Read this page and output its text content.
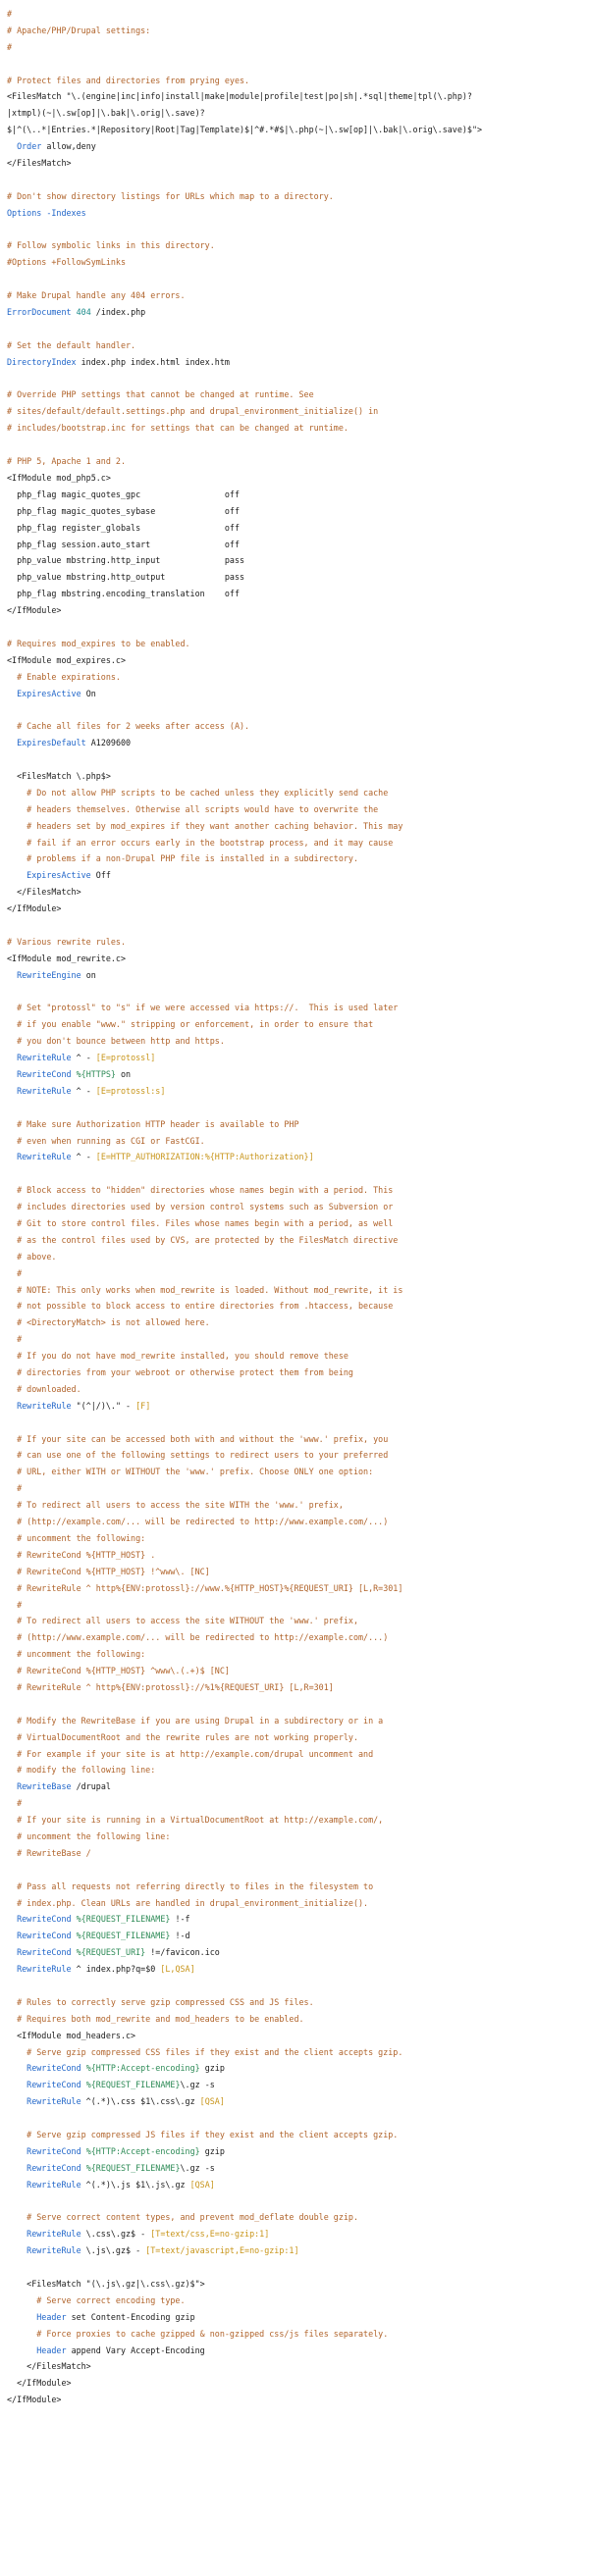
#
# Apache/PHP/Drupal settings:
#
# Protect files and directories from prying eyes.
<FilesMatch "\.(engine|inc|info|install|make|module|profile|test|po|sh|.*sql|theme|tpl(\.php)?
|xtmpl)(~|\.sw[op]|\.bak|\.orig|\.save)?
$|^(\..*|Entries.*|Repository|Root|Tag|Template)$|^#.*#$|\.php(~|\.sw[op]|\.bak|\.orig\.save)$">
Order allow,deny
</FilesMatch>
# Don't show directory listings for URLs which map to a directory.
Options -Indexes
# Follow symbolic links in this directory.
#Options +FollowSymLinks
# Make Drupal handle any 404 errors.
ErrorDocument 404 /index.php
# Set the default handler.
DirectoryIndex index.php index.html index.htm
# Override PHP settings that cannot be changed at runtime. See
# sites/default/default.settings.php and drupal_environment_initialize() in
# includes/bootstrap.inc for settings that can be changed at runtime.
# PHP 5, Apache 1 and 2.
<IfModule mod_php5.c>
php_flag magic_quotes_gpc                 off
php_flag magic_quotes_sybase              off
php_flag register_globals                 off
php_flag session.auto_start               off
php_value mbstring.http_input             pass
php_value mbstring.http_output            pass
php_flag mbstring.encoding_translation    off
</IfModule>
# Requires mod_expires to be enabled.
<IfModule mod_expires.c>
# Enable expirations.
ExpiresActive On
# Cache all files for 2 weeks after access (A).
ExpiresDefault A1209600
<FilesMatch \.php$>
# Do not allow PHP scripts to be cached unless they explicitly send cache
# headers themselves. Otherwise all scripts would have to overwrite the
# headers set by mod_expires if they want another caching behavior. This may
# fail if an error occurs early in the bootstrap process, and it may cause
# problems if a non-Drupal PHP file is installed in a subdirectory.
ExpiresActive Off
</FilesMatch>
</IfModule>
# Various rewrite rules.
<IfModule mod_rewrite.c>
RewriteEngine on
# Set "protossl" to "s" if we were accessed via https://.  This is used later
# if you enable "www." stripping or enforcement, in order to ensure that
# you don't bounce between http and https.
RewriteRule ^ - [E=protossl]
RewriteCond %{HTTPS} on
RewriteRule ^ - [E=protossl:s]
# Make sure Authorization HTTP header is available to PHP
# even when running as CGI or FastCGI.
RewriteRule ^ - [E=HTTP_AUTHORIZATION:%{HTTP:Authorization}]
# Block access to "hidden" directories whose names begin with a period. This
# includes directories used by version control systems such as Subversion or
# Git to store control files. Files whose names begin with a period, as well
# as the control files used by CVS, are protected by the FilesMatch directive
# above.
#
# NOTE: This only works when mod_rewrite is loaded. Without mod_rewrite, it is
# not possible to block access to entire directories from .htaccess, because
# <DirectoryMatch> is not allowed here.
#
# If you do not have mod_rewrite installed, you should remove these
# directories from your webroot or otherwise protect them from being
# downloaded.
RewriteRule "(^|/)\." - [F]
# If your site can be accessed both with and without the 'www.' prefix, you
# can use one of the following settings to redirect users to your preferred
# URL, either WITH or WITHOUT the 'www.' prefix. Choose ONLY one option:
#
# To redirect all users to access the site WITH the 'www.' prefix,
# (http://example.com/... will be redirected to http://www.example.com/...)
# uncomment the following:
# RewriteCond %{HTTP_HOST} .
# RewriteCond %{HTTP_HOST} !^www\. [NC]
# RewriteRule ^ http%{ENV:protossl}://www.%{HTTP_HOST}%{REQUEST_URI} [L,R=301]
#
# To redirect all users to access the site WITHOUT the 'www.' prefix,
# (http://www.example.com/... will be redirected to http://example.com/...)
# uncomment the following:
# RewriteCond %{HTTP_HOST} ^www\.(.+)$ [NC]
# RewriteRule ^ http%{ENV:protossl}://%1%{REQUEST_URI} [L,R=301]
# Modify the RewriteBase if you are using Drupal in a subdirectory or in a
# VirtualDocumentRoot and the rewrite rules are not working properly.
# For example if your site is at http://example.com/drupal uncomment and
# modify the following line:
RewriteBase /drupal
#
# If your site is running in a VirtualDocumentRoot at http://example.com/,
# uncomment the following line:
# RewriteBase /
# Pass all requests not referring directly to files in the filesystem to
# index.php. Clean URLs are handled in drupal_environment_initialize().
RewriteCond %{REQUEST_FILENAME} !-f
RewriteCond %{REQUEST_FILENAME} !-d
RewriteCond %{REQUEST_URI} !=/favicon.ico
RewriteRule ^ index.php?q=$0 [L,QSA]
# Rules to correctly serve gzip compressed CSS and JS files.
# Requires both mod_rewrite and mod_headers to be enabled.
<IfModule mod_headers.c>
# Serve gzip compressed CSS files if they exist and the client accepts gzip.
RewriteCond %{HTTP:Accept-encoding} gzip
RewriteCond %{REQUEST_FILENAME}\.gz -s
RewriteRule ^(.*)\.css $1\.css\.gz [QSA]
# Serve gzip compressed JS files if they exist and the client accepts gzip.
RewriteCond %{HTTP:Accept-encoding} gzip
RewriteCond %{REQUEST_FILENAME}\.gz -s
RewriteRule ^(.*)\.js $1\.js\.gz [QSA]
# Serve correct content types, and prevent mod_deflate double gzip.
RewriteRule \.css\.gz$ - [T=text/css,E=no-gzip:1]
RewriteRule \.js\.gz$ - [T=text/javascript,E=no-gzip:1]
<FilesMatch "(\.js\.gz|\.css\.gz)$">
# Serve correct encoding type.
Header set Content-Encoding gzip
# Force proxies to cache gzipped & non-gzipped css/js files separately.
Header append Vary Accept-Encoding
</FilesMatch>
</IfModule>
</IfModule>
